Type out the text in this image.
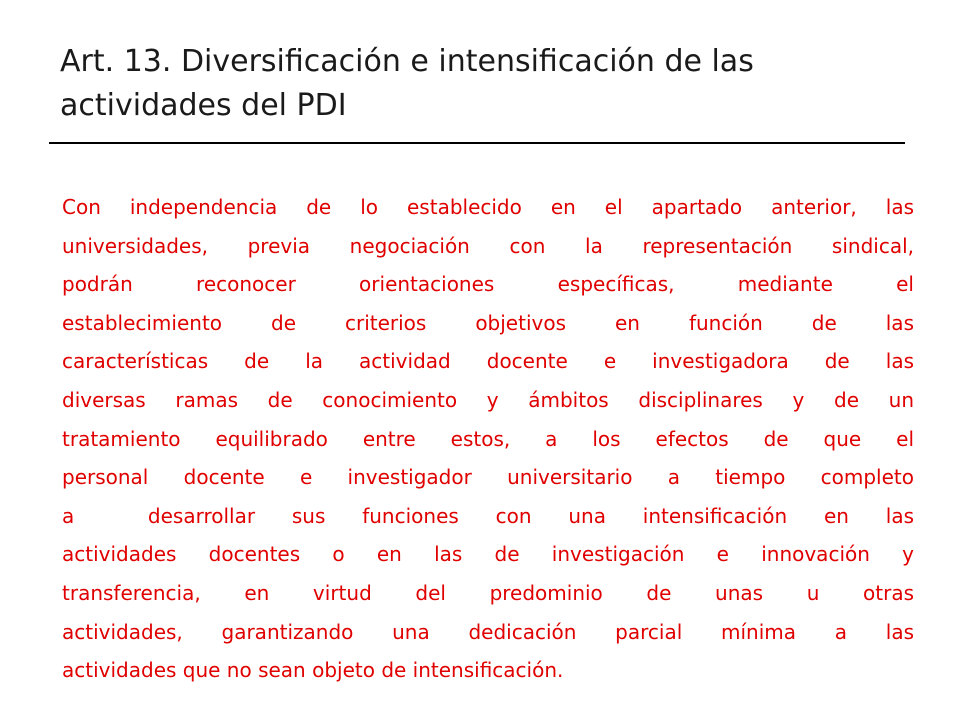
Art. 13. Diversificación e intensificación de las
actividades del PDI
Con independencia de lo establecido en el apartado anterior, las
universidades, previa negociación con la representación sindical,
podrán reconocer orientaciones específicas, mediante el
establecimiento de criterios objetivos en función de las
características de la actividad docente e investigadora de las
diversas ramas de conocimiento y ámbitos disciplinares y de un
tratamiento equilibrado entre estos, a los efectos de que el
personal docente e investigador universitario a tiempo completo
a  desarrollar sus funciones con una intensificación en las
actividades docentes o en las de investigación e innovación y
transferencia, en virtud del predominio de unas u otras
actividades, garantizando una dedicación parcial mínima a las
actividades que no sean objeto de intensificación.
